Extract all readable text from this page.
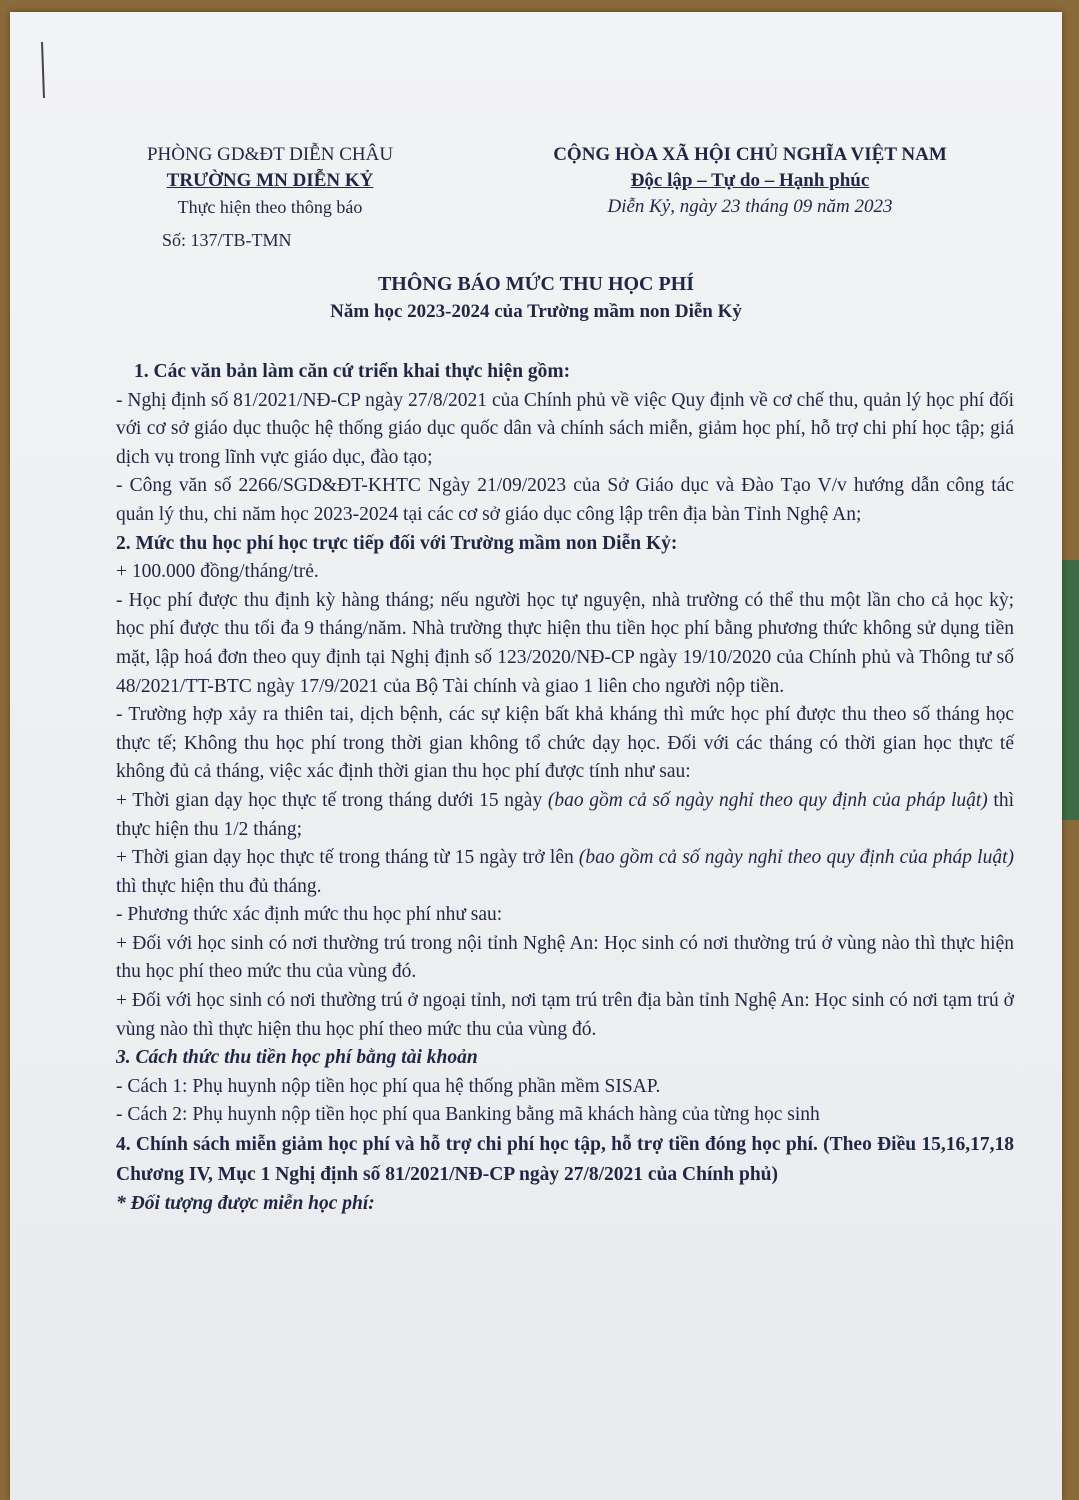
PHÒNG GD&ĐT DIỄN CHÂU
TRƯỜNG MN DIỄN KỶ
Thực hiện theo thông báo
Số: 137/TB-TMN
CỘNG HÒA XÃ HỘI CHỦ NGHĨA VIỆT NAM
Độc lập – Tự do – Hạnh phúc
Diễn Kỷ, ngày 23 tháng 09 năm 2023
THÔNG BÁO MỨC THU HỌC PHÍ
Năm học 2023-2024 của Trường mầm non Diễn Kỷ

1. Các văn bản làm căn cứ triển khai thực hiện gồm:

- Nghị định số 81/2021/NĐ-CP ngày 27/8/2021 của Chính phủ về việc Quy định về cơ chế thu, quản lý học phí đối với cơ sở giáo dục thuộc hệ thống giáo dục quốc dân và chính sách miễn, giảm học phí, hỗ trợ chi phí học tập; giá dịch vụ trong lĩnh vực giáo dục, đào tạo;

- Công văn số 2266/SGD&ĐT-KHTC Ngày 21/09/2023 của Sở Giáo dục và Đào Tạo V/v hướng dẫn công tác quản lý thu, chi năm học 2023-2024 tại các cơ sở giáo dục công lập trên địa bàn Tỉnh Nghệ An;

2. Mức thu học phí học trực tiếp đối với Trường mầm non Diễn Kỷ:

+ 100.000 đồng/tháng/trẻ.

- Học phí được thu định kỳ hàng tháng; nếu người học tự nguyện, nhà trường có thể thu một lần cho cả học kỳ; học phí được thu tối đa 9 tháng/năm. Nhà trường thực hiện thu tiền học phí bằng phương thức không sử dụng tiền mặt, lập hoá đơn theo quy định tại Nghị định số 123/2020/NĐ-CP ngày 19/10/2020 của Chính phủ và Thông tư số 48/2021/TT-BTC ngày 17/9/2021 của Bộ Tài chính và giao 1 liên cho người nộp tiền.

- Trường hợp xảy ra thiên tai, dịch bệnh, các sự kiện bất khả kháng thì mức học phí được thu theo số tháng học thực tế; Không thu học phí trong thời gian không tổ chức dạy học. Đối với các tháng có thời gian học thực tế không đủ cả tháng, việc xác định thời gian thu học phí được tính như sau:

+ Thời gian dạy học thực tế trong tháng dưới 15 ngày (bao gồm cả số ngày nghỉ theo quy định của pháp luật) thì thực hiện thu 1/2 tháng;

+ Thời gian dạy học thực tế trong tháng từ 15 ngày trở lên (bao gồm cả số ngày nghỉ theo quy định của pháp luật) thì thực hiện thu đủ tháng.

- Phương thức xác định mức thu học phí như sau:

+ Đối với học sinh có nơi thường trú trong nội tỉnh Nghệ An: Học sinh có nơi thường trú ở vùng nào thì thực hiện thu học phí theo mức thu của vùng đó.

+ Đối với học sinh có nơi thường trú ở ngoại tỉnh, nơi tạm trú trên địa bàn tỉnh Nghệ An: Học sinh có nơi tạm trú ở vùng nào thì thực hiện thu học phí theo mức thu của vùng đó.

3. Cách thức thu tiền học phí bằng tài khoản

- Cách 1: Phụ huynh nộp tiền học phí qua hệ thống phần mềm SISAP.

- Cách 2: Phụ huynh nộp tiền học phí qua Banking bằng mã khách hàng của từng học sinh

4. Chính sách miễn giảm học phí và hỗ trợ chi phí học tập, hỗ trợ tiền đóng học phí. (Theo Điều 15,16,17,18 Chương IV, Mục 1 Nghị định số 81/2021/NĐ-CP ngày 27/8/2021 của Chính phủ)

* Đối tượng được miễn học phí:
